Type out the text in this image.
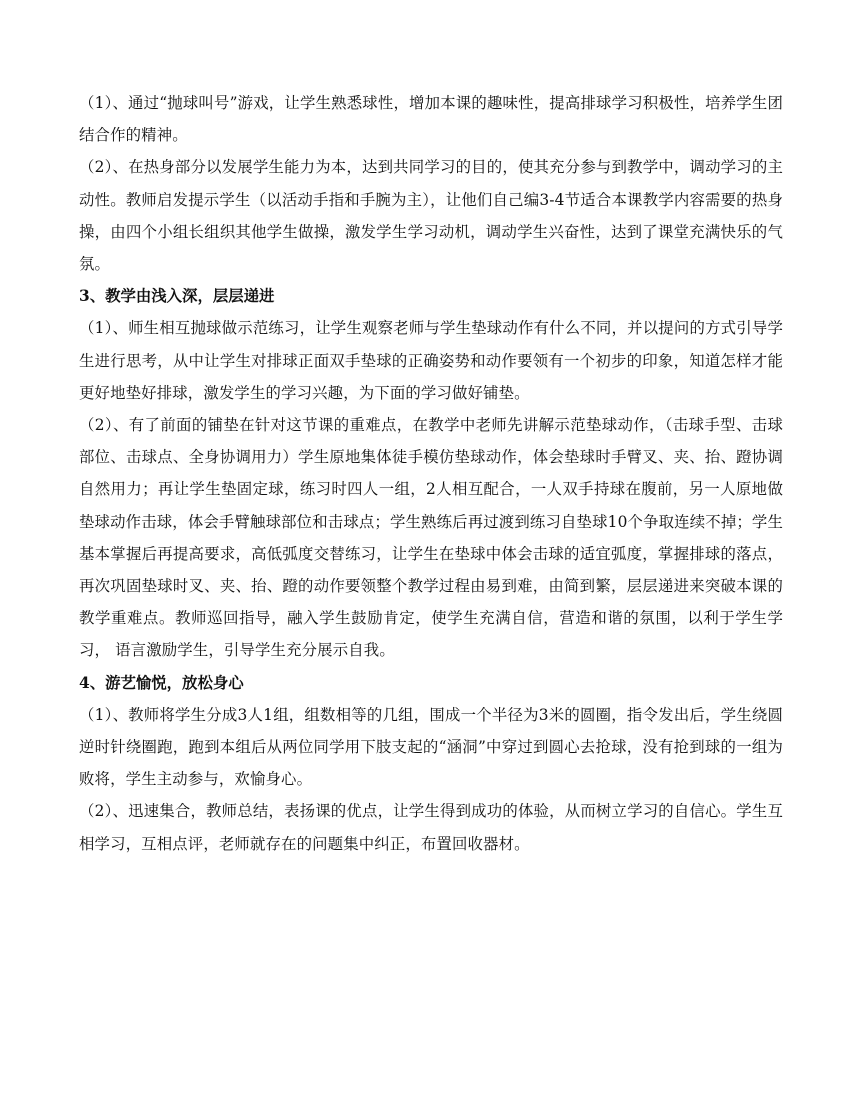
（1）、通过“抛球叫号”游戏，让学生熟悉球性，增加本课的趣味性，提高排球学习积极性，培养学生团结合作的精神。

（2）、在热身部分以发展学生能力为本，达到共同学习的目的，使其充分参与到教学中，调动学习的主动性。教师启发提示学生（以活动手指和手腕为主），让他们自己编3-4节适合本课教学内容需要的热身操，由四个小组长组织其他学生做操，激发学生学习动机，调动学生兴奋性，达到了课堂充满快乐的气氛。

3、教学由浅入深，层层递进

（1）、师生相互抛球做示范练习，让学生观察老师与学生垫球动作有什么不同，并以提问的方式引导学生进行思考，从中让学生对排球正面双手垫球的正确姿势和动作要领有一个初步的印象，知道怎样才能更好地垫好排球，激发学生的学习兴趣，为下面的学习做好铺垫。

（2）、有了前面的铺垫在针对这节课的重难点，在教学中老师先讲解示范垫球动作，（击球手型、击球部位、击球点、全身协调用力）学生原地集体徒手模仿垫球动作，体会垫球时手臂叉、夹、抬、蹬协调自然用力；再让学生垫固定球，练习时四人一组，2人相互配合，一人双手持球在腹前，另一人原地做垫球动作击球，体会手臂触球部位和击球点；学生熟练后再过渡到练习自垫球10个争取连续不掉；学生基本掌握后再提高要求，高低弧度交替练习，让学生在垫球中体会击球的适宜弧度，掌握排球的落点，再次巩固垫球时叉、夹、抬、蹬的动作要领整个教学过程由易到难，由简到繁，层层递进来突破本课的教学重难点。教师巡回指导，融入学生鼓励肯定，使学生充满自信，营造和谐的氛围，以利于学生学习， 语言激励学生，引导学生充分展示自我。

4、游艺愉悦，放松身心

（1）、教师将学生分成3人1组，组数相等的几组，围成一个半径为3米的圆圈，指令发出后，学生绕圆逆时针绕圈跑，跑到本组后从两位同学用下肢支起的“涵洞”中穿过到圆心去抢球，没有抢到球的一组为败将，学生主动参与，欢愉身心。

（2）、迅速集合，教师总结，表扬课的优点，让学生得到成功的体验，从而树立学习的自信心。学生互相学习，互相点评，老师就存在的问题集中纠正，布置回收器材。
